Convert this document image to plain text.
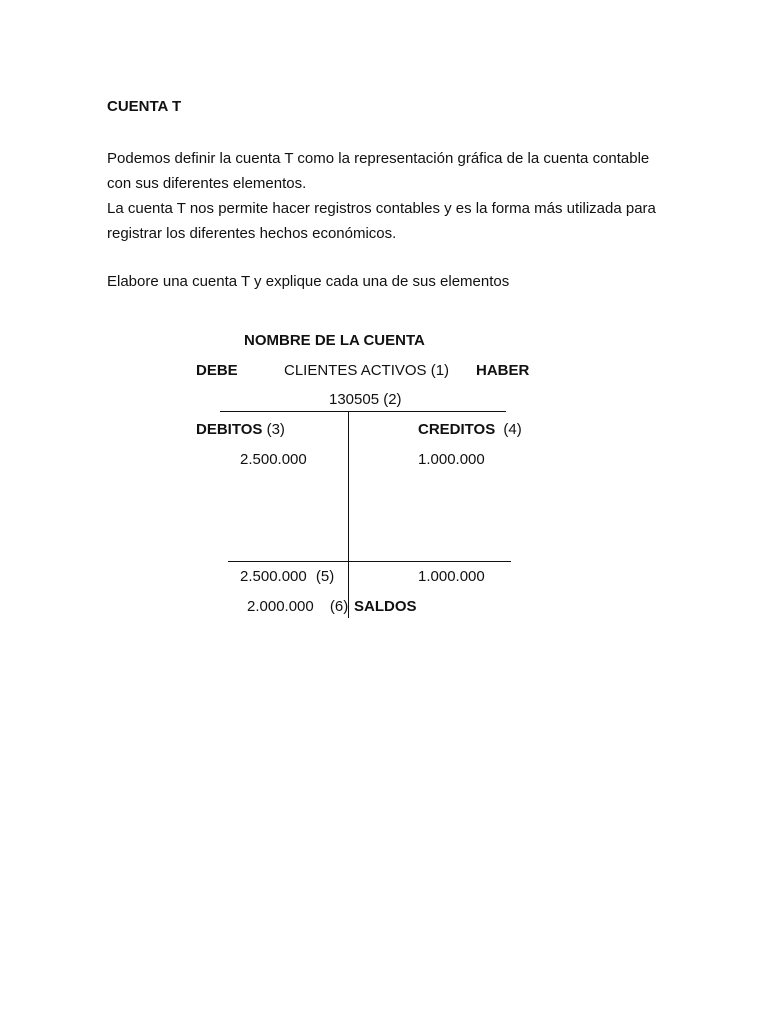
CUENTA T
Podemos definir la cuenta T como la representación gráfica de la cuenta contable
con sus diferentes elementos.
La cuenta T nos permite hacer registros contables y es la forma más utilizada para
registrar los diferentes hechos económicos.
Elabore una cuenta T y explique cada una de sus elementos
NOMBRE DE LA CUENTA
DEBE	CLIENTES ACTIVOS (1) HABER
130505 (2)
DEBITOS (3)	CREDITOS (4)
2.500.000	1.000.000
2.500.000 (5)	1.000.000
2.000.000 (6) SALDOS
